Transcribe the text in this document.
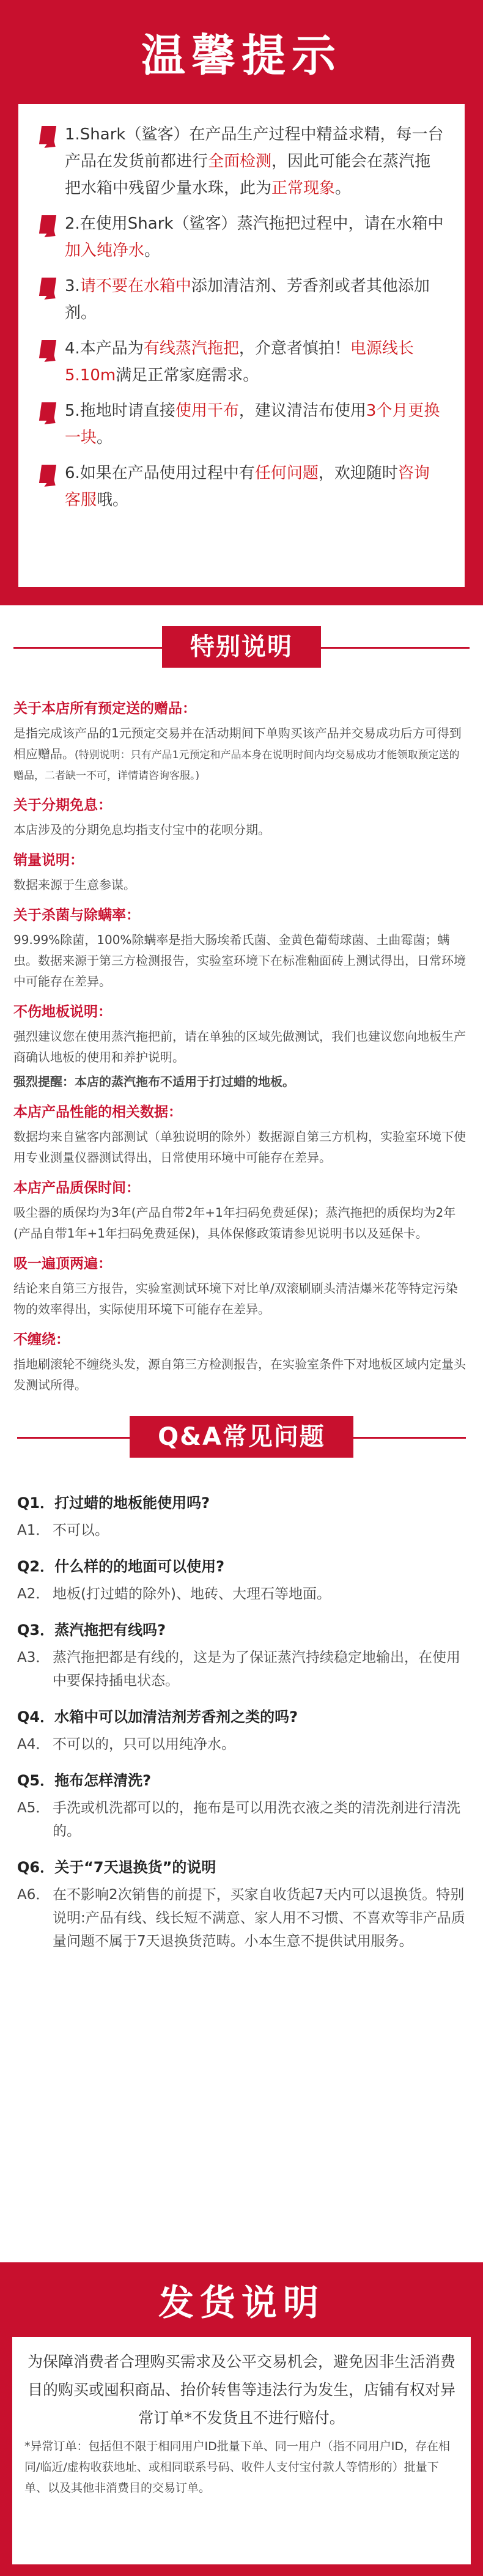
温馨提示

1.Shark（鲨客）在产品生产过程中精益求精，每一台产品在发货前都进行全面检测，因此可能会在蒸汽拖把水箱中残留少量水珠，此为正常现象。

2.在使用Shark（鲨客）蒸汽拖把过程中，请在水箱中加入纯净水。

3.请不要在水箱中添加清洁剂、芳香剂或者其他添加剂。

4.本产品为有线蒸汽拖把，介意者慎拍！电源线长5.10m满足正常家庭需求。

5.拖地时请直接使用干布，建议清洁布使用3个月更换一块。

6.如果在产品使用过程中有任何问题，欢迎随时咨询客服哦。

特别说明
关于本店所有预定送的赠品：

是指完成该产品的1元预定交易并在活动期间下单购买该产品并交易成功后方可得到相应赠品。(特别说明：只有产品1元预定和产品本身在说明时间内均交易成功才能领取预定送的赠品，二者缺一不可，详情请咨询客服。)

关于分期免息：

本店涉及的分期免息均指支付宝中的花呗分期。

销量说明：

数据来源于生意参谋。

关于杀菌与除螨率：

99.99%除菌，100%除螨率是指大肠埃希氏菌、金黄色葡萄球菌、土曲霉菌；螨虫。数据来源于第三方检测报告，实验室环境下在标准釉面砖上测试得出，日常环境中可能存在差异。

不伤地板说明：

强烈建议您在使用蒸汽拖把前，请在单独的区域先做测试，我们也建议您向地板生产商确认地板的使用和养护说明。

强烈提醒：本店的蒸汽拖布不适用于打过蜡的地板。

本店产品性能的相关数据：

数据均来自鲨客内部测试（单独说明的除外）数据源自第三方机构，实验室环境下使用专业测量仪器测试得出，日常使用环境中可能存在差异。

本店产品质保时间：

吸尘器的质保均为3年(产品自带2年+1年扫码免费延保)；蒸汽拖把的质保均为2年(产品自带1年+1年扫码免费延保)，具体保修政策请参见说明书以及延保卡。

吸一遍顶两遍：

结论来自第三方报告，实验室测试环境下对比单/双滚刷刷头清洁爆米花等特定污染物的效率得出，实际使用环境下可能存在差异。

不缠绕：

指地刷滚轮不缠绕头发，源自第三方检测报告，在实验室条件下对地板区域内定量头发测试所得。

Q&A常见问题

Q1．打过蜡的地板能使用吗?

A1． 不可以。

Q2．什么样的的地面可以使用?

A2． 地板(打过蜡的除外)、地砖、大理石等地面。

Q3．蒸汽拖把有线吗?

A3． 蒸汽拖把都是有线的，这是为了保证蒸汽持续稳定地输出，在使用中要保持插电状态。

Q4．水箱中可以加清洁剂芳香剂之类的吗?

A4． 不可以的，只可以用纯净水。

Q5．拖布怎样清洗?

A5． 手洗或机洗都可以的，拖布是可以用洗衣液之类的清洗剂进行清洗的。

Q6．关于“7天退换货”的说明

A6． 在不影响2次销售的前提下，买家自收货起7天内可以退换货。特别说明:产品有线、线长短不满意、家人用不习惯、不喜欢等非产品质量问题不属于7天退换货范畴。小本生意不提供试用服务。
发货说明

为保障消费者合理购买需求及公平交易机会，避免因非生活消费目的购买或囤积商品、抬价转售等违法行为发生，店铺有权对异常订单*不发货且不进行赔付。

*异常订单：包括但不限于相同用户ID批量下单、同一用户（指不同用户ID，存在相同/临近/虚构收获地址、或相同联系号码、收件人支付宝付款人等情形的）批量下单、以及其他非消费目的交易订单。
